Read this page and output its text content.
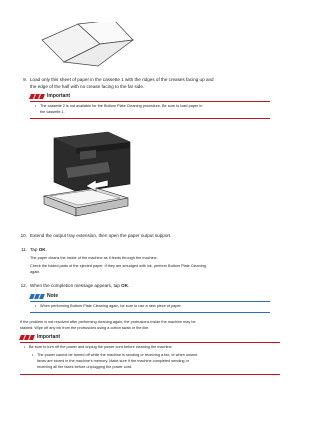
9. Load only this sheet of paper in the cassette 1 with the ridges of the creases facing up and
the edge of the half with no crease facing to the far side.
Important
• The cassette 2 is not available for the Bottom Plate Cleaning procedure. Be sure to load paper in
the cassette 1.
10. Extend the output tray extension, then open the paper output support.
11. Tap OK.
The paper cleans the inside of the machine as it feeds through the machine.
Check the folded parts of the ejected paper. If they are smudged with ink, perform Bottom Plate Cleaning
again.
12. When the completion message appears, tap OK.
Note
• When performing Bottom Plate Cleaning again, be sure to use a new piece of paper.
If the problem is not resolved after performing cleaning again, the protrusions inside the machine may be
stained. Wipe off any ink from the protrusions using a cotton swab or the like.
Important
• Be sure to turn off the power and unplug the power cord before cleaning the machine.
• The power cannot be turned off while the machine is sending or receiving a fax, or when unsent
faxes are stored in the machine's memory. Make sure if the machine completed sending or
receiving all the faxes before unplugging the power cord.
